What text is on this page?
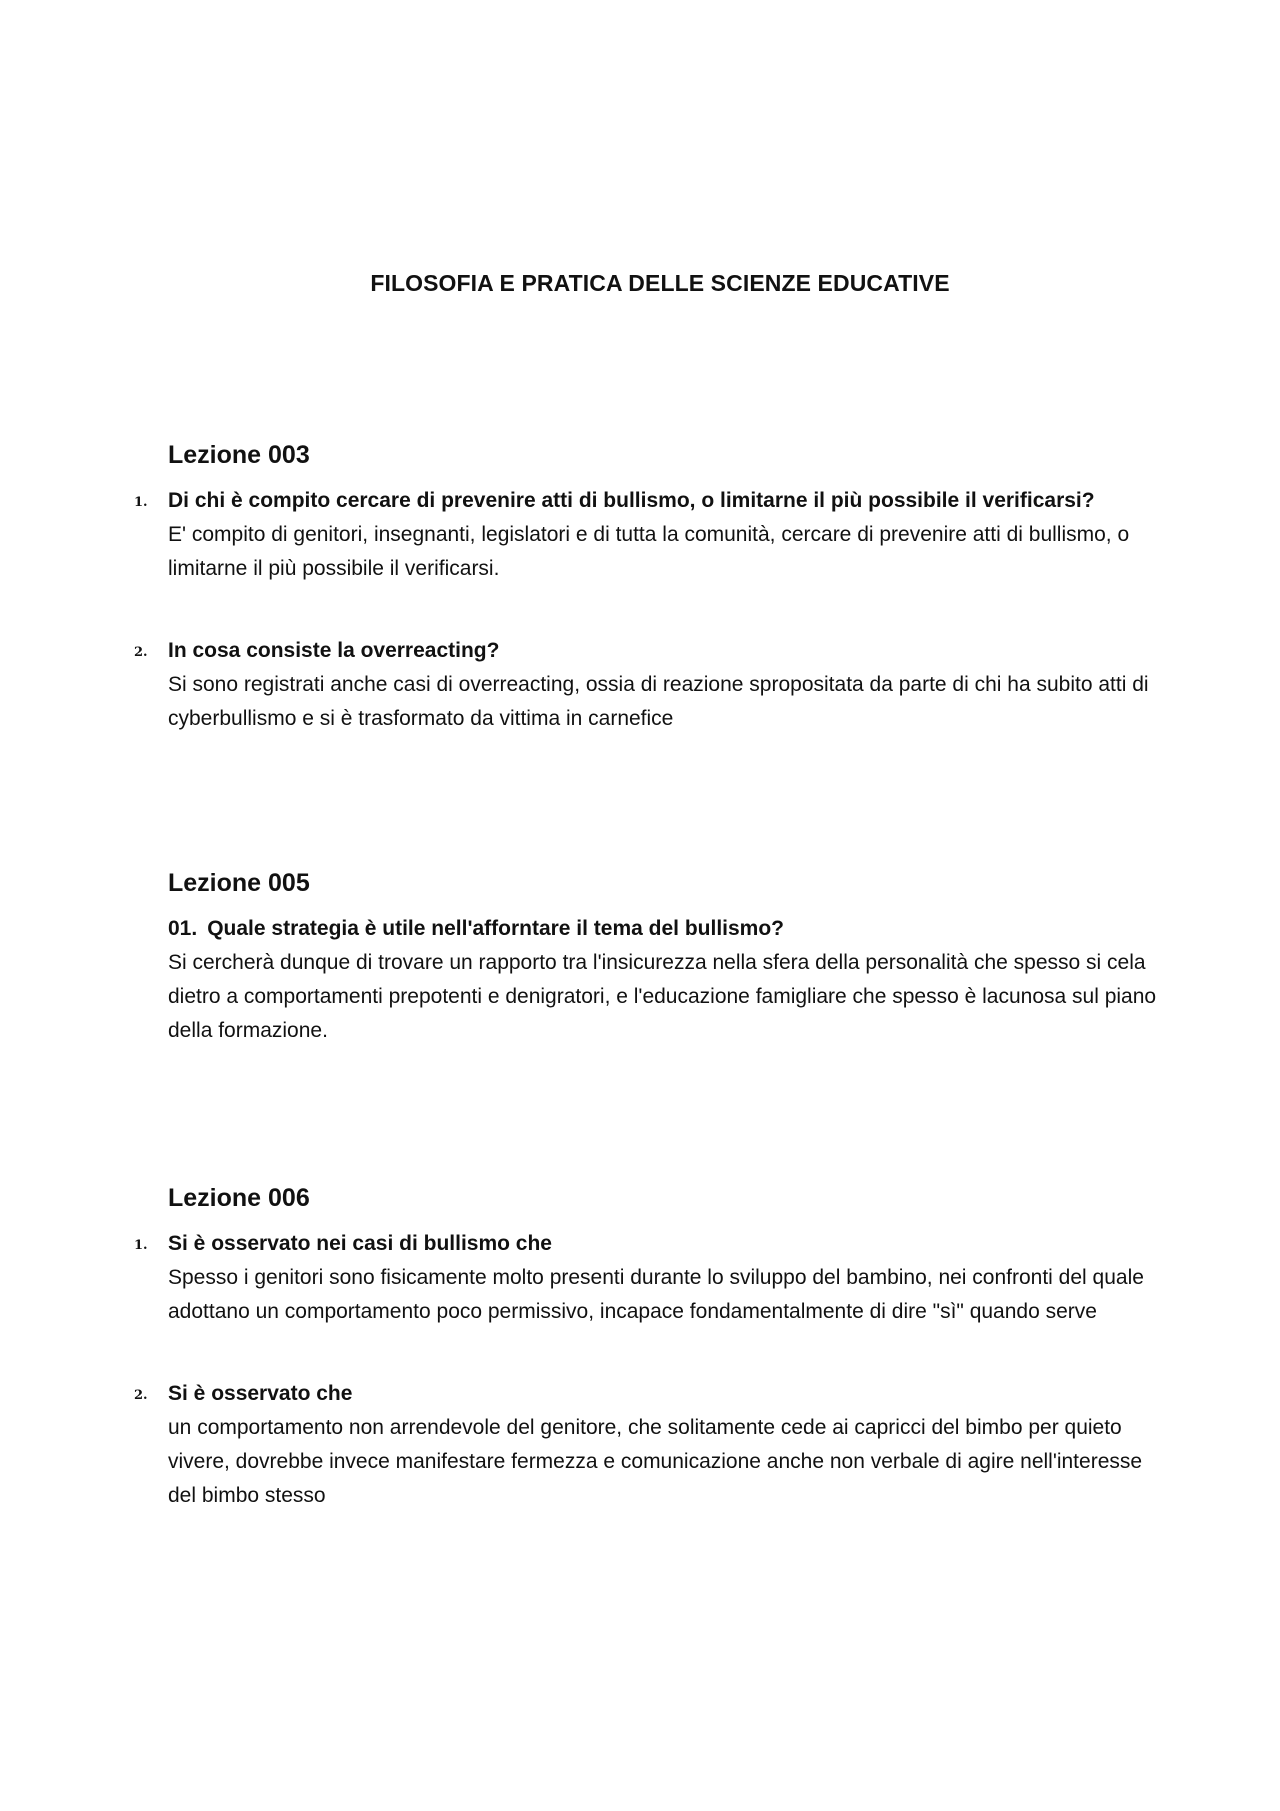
FILOSOFIA E PRATICA DELLE SCIENZE EDUCATIVE
Lezione 003
1. Di chi è compito cercare di prevenire atti di bullismo, o limitarne il più possibile il verificarsi?
E' compito di genitori, insegnanti, legislatori e di tutta la comunità, cercare di prevenire atti di bullismo, o limitarne il più possibile il verificarsi.
2. In cosa consiste la overreacting?
Si sono registrati anche casi di overreacting, ossia di reazione spropositata da parte di chi ha subito atti di cyberbullismo e si è trasformato da vittima in carnefice
Lezione 005
01. Quale strategia è utile nell'afforntare il tema del bullismo?
Si cercherà dunque di trovare un rapporto tra l'insicurezza nella sfera della personalità che spesso si cela dietro a comportamenti prepotenti e denigratori, e l'educazione famigliare che spesso è lacunosa sul piano della formazione.
Lezione 006
1. Si è osservato nei casi di bullismo che
Spesso i genitori sono fisicamente molto presenti durante lo sviluppo del bambino, nei confronti del quale adottano un comportamento poco permissivo, incapace fondamentalmente di dire "sì" quando serve
2. Si è osservato che
un comportamento non arrendevole del genitore, che solitamente cede ai capricci del bimbo per quieto vivere, dovrebbe invece manifestare fermezza e comunicazione anche non verbale di agire nell'interesse del bimbo stesso
